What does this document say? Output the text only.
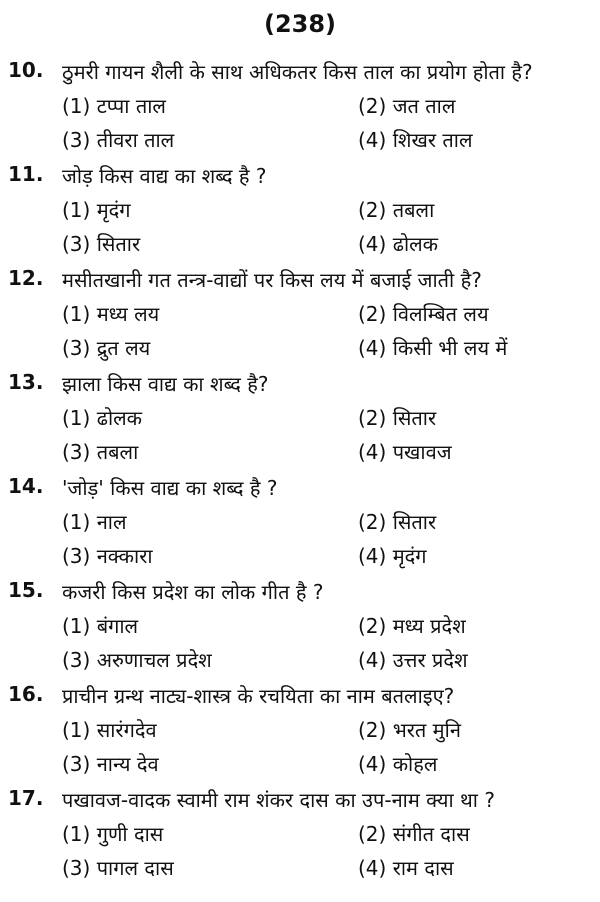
(238)
10. ठुमरी गायन शैली के साथ अधिकतर किस ताल का प्रयोग होता है?
(1) टप्पा ताल	(2) जत ताल
(3) तीवरा ताल	(4) शिखर ताल
11. जोड़ किस वाद्य का शब्द है ?
(1) मृदंग	(2) तबला
(3) सितार	(4) ढोलक
12. मसीतखानी गत तन्त्र-वाद्यों पर किस लय में बजाई जाती है?
(1) मध्य लय	(2) विलम्बित लय
(3) द्रुत लय	(4) किसी भी लय में
13. झाला किस वाद्य का शब्द है?
(1) ढोलक	(2) सितार
(3) तबला	(4) पखावज
14. 'जोड़' किस वाद्य का शब्द है ?
(1) नाल	(2) सितार
(3) नक्कारा	(4) मृदंग
15. कजरी किस प्रदेश का लोक गीत है ?
(1) बंगाल	(2) मध्य प्रदेश
(3) अरुणाचल प्रदेश	(4) उत्तर प्रदेश
16. प्राचीन ग्रन्थ नाट्य-शास्त्र के रचयिता का नाम बतलाइए?
(1) सारंगदेव	(2) भरत मुनि
(3) नान्य देव	(4) कोहल
17. पखावज-वादक स्वामी राम शंकर दास का उप-नाम क्या था ?
(1) गुणी दास	(2) संगीत दास
(3) पागल दास	(4) राम दास
